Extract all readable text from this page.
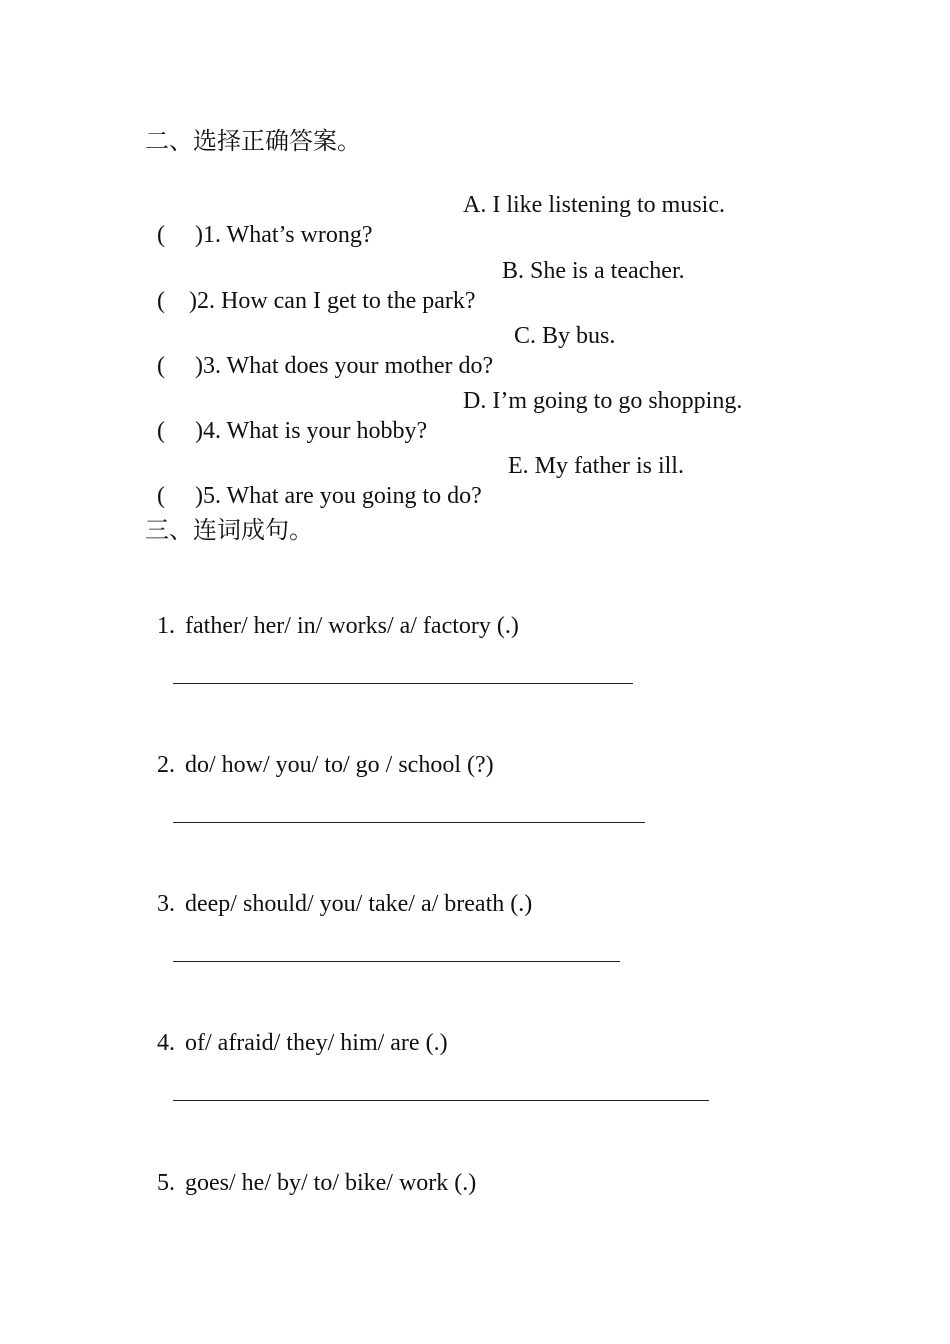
二、选择正确答案。

(     )1. What’s wrong?

A. I like listening to music.

(    )2. How can I get to the park?

B. She is a teacher.

(     )3. What does your mother do?

C. By bus.

(     )4. What is your hobby?

D. I’m going to go shopping.

(     )5. What are you going to do?

E. My father is ill.

三、连词成句。

1. father/ her/ in/ works/ a/ factory (.)

2. do/ how/ you/ to/ go / school (?)

3. deep/ should/ you/ take/ a/ breath (.)

4. of/ afraid/ they/ him/ are (.)

5. goes/ he/ by/ to/ bike/ work (.)
